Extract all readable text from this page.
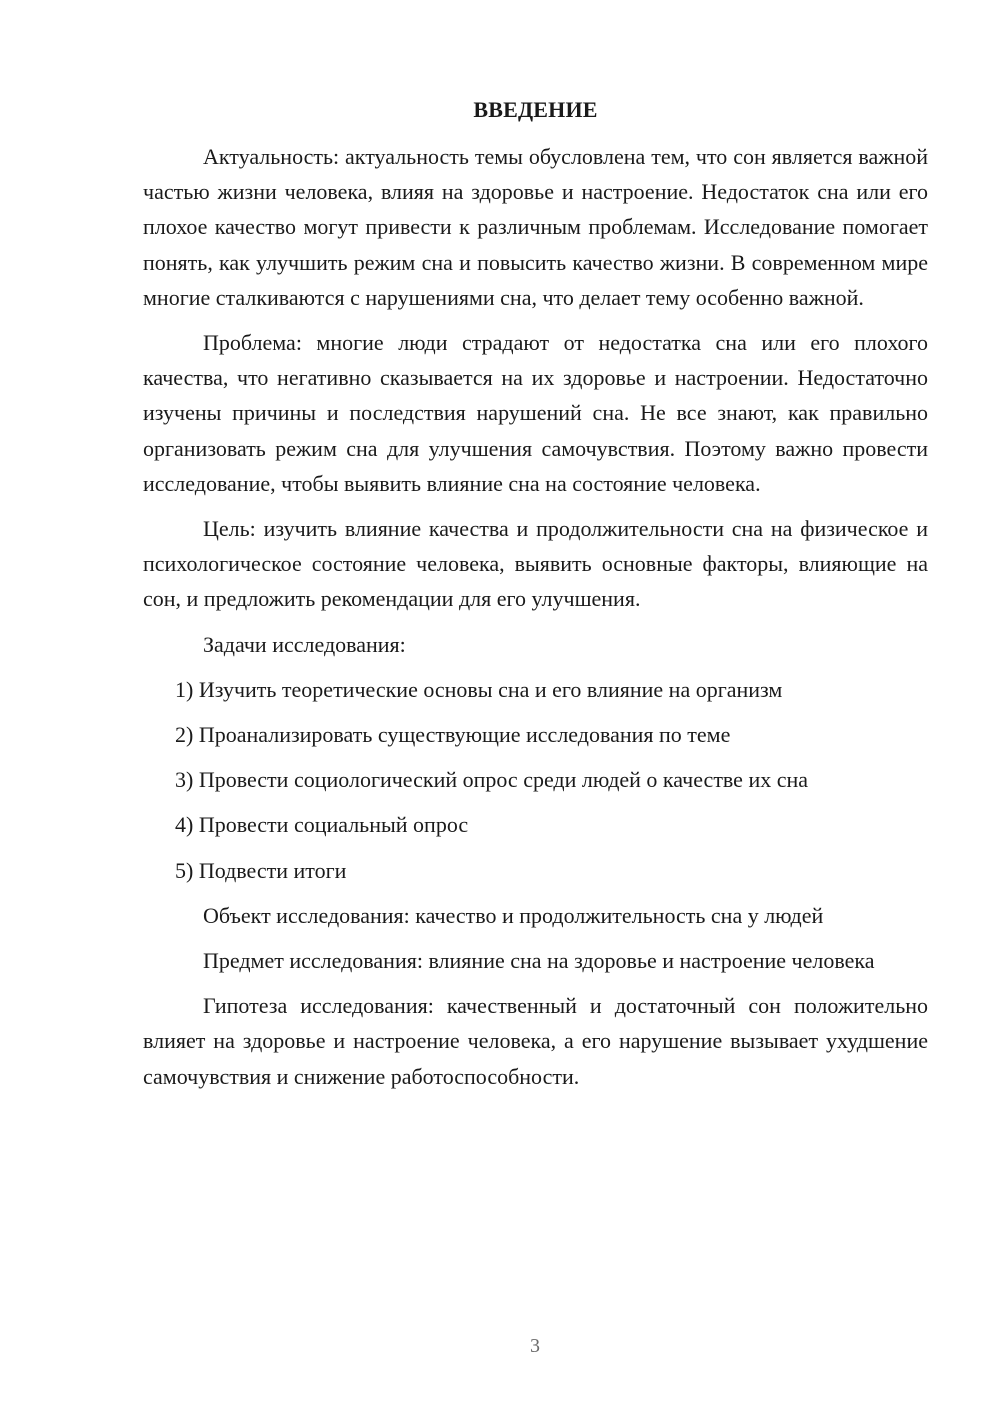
ВВЕДЕНИЕ

Актуальность: актуальность темы обусловлена тем, что сон является важной частью жизни человека, влияя на здоровье и настроение. Недостаток сна или его плохое качество могут привести к различным проблемам. Исследование помогает понять, как улучшить режим сна и повысить качество жизни. В современном мире многие сталкиваются с нарушениями сна, что делает тему особенно важной.

Проблема: многие люди страдают от недостатка сна или его плохого качества, что негативно сказывается на их здоровье и настроении. Недостаточно изучены причины и последствия нарушений сна. Не все знают, как правильно организовать режим сна для улучшения самочувствия. Поэтому важно провести исследование, чтобы выявить влияние сна на состояние человека.

Цель: изучить влияние качества и продолжительности сна на физическое и психологическое состояние человека, выявить основные факторы, влияющие на сон, и предложить рекомендации для его улучшения.

Задачи исследования:

1) Изучить теоретические основы сна и его влияние на организм
2) Проанализировать существующие исследования по теме
3) Провести социологический опрос среди людей о качестве их сна
4) Провести социальный опрос
5) Подвести итоги

Объект исследования: качество и продолжительность сна у людей

Предмет исследования: влияние сна на здоровье и настроение человека

Гипотеза исследования: качественный и достаточный сон положительно влияет на здоровье и настроение человека, а его нарушение вызывает ухудшение самочувствия и снижение работоспособности.

3
